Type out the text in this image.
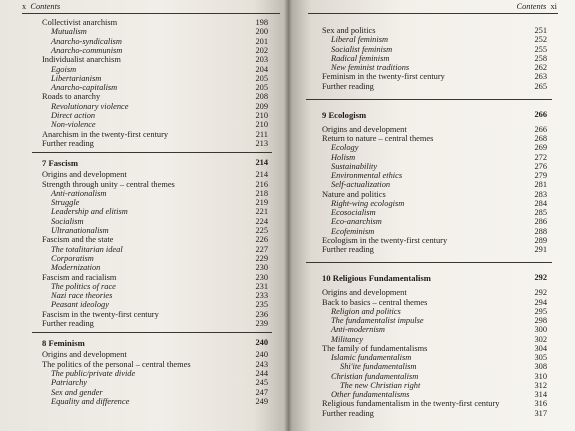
x Contents
Collectivist anarchism	198
Mutualism	200
Anarcho-syndicalism	201
Anarcho-communism	202
Individualist anarchism	203
Egoism	204
Libertarianism	205
Anarcho-capitalism	205
Roads to anarchy	208
Revolutionary violence	209
Direct action	210
Non-violence	210
Anarchism in the twenty-first century	211
Further reading	213
7 Fascism	214
Origins and development	214
Strength through unity – central themes	216
Anti-rationalism	218
Struggle	219
Leadership and elitism	221
Socialism	224
Ultranationalism	225
Fascism and the state	226
The totalitarian ideal	227
Corporatism	229
Modernization	230
Fascism and racialism	230
The politics of race	231
Nazi race theories	233
Peasant ideology	235
Fascism in the twenty-first century	236
Further reading	239
8 Feminism	240
Origins and development	240
The politics of the personal – central themes	243
The public/private divide	244
Patriarchy	245
Sex and gender	247
Equality and difference	249
Contents xi
Sex and politics	251
Liberal feminism	252
Socialist feminism	255
Radical feminism	258
New feminist traditions	262
Feminism in the twenty-first century	263
Further reading	265
9 Ecologism	266
Origins and development	266
Return to nature – central themes	268
Ecology	269
Holism	272
Sustainability	276
Environmental ethics	279
Self-actualization	281
Nature and politics	283
Right-wing ecologism	284
Ecosocialism	285
Eco-anarchism	286
Ecofeminism	288
Ecologism in the twenty-first century	289
Further reading	291
10 Religious Fundamentalism	292
Origins and development	292
Back to basics – central themes	294
Religion and politics	295
The fundamentalist impulse	298
Anti-modernism	300
Militancy	302
The family of fundamentalisms	304
Islamic fundamentalism	305
Shi'ite fundamentalism	308
Christian fundamentalism	310
The new Christian right	312
Other fundamentalisms	314
Religious fundamentalism in the twenty-first century	316
Further reading	317
